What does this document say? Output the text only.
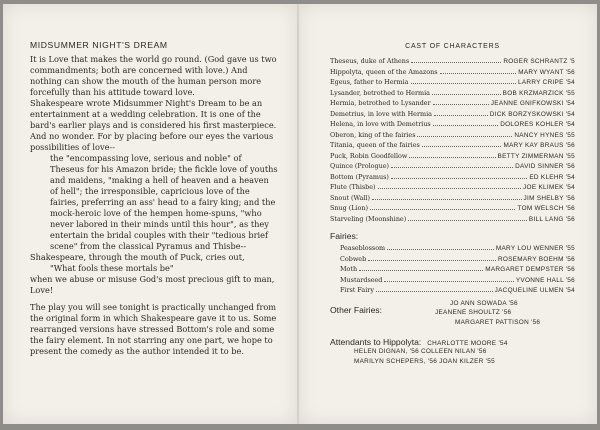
MIDSUMMER NIGHT'S DREAM

It is Love that makes the world go round. (God gave us two commandments; both are concerned with love.) And nothing can show the mouth of the human person more forcefully than his attitude toward love.

Shakespeare wrote Midsummer Night's Dream to be an entertainment at a wedding celebration. It is one of the bard's earlier plays and is considered his first masterpiece. And no wonder. For by placing before our eyes the various possibilities of love--

the "encompassing love, serious and noble" of Theseus for his Amazon bride; the fickle love of youths and maidens, "making a hell of heaven and a heaven of hell"; the irresponsible, capricious love of the fairies, preferring an ass' head to a fairy king; and the mock-heroic love of the hempen home-spuns, "who never labored in their minds until this hour", as they entertain the bridal couples with their "tedious brief scene" from the classical Pyramus and Thisbe--

Shakespeare, through the mouth of Puck, cries out,

"What fools these mortals be"

when we abuse or misuse God's most precious gift to man, Love!

The play you will see tonight is practically unchanged from the original form in which Shakespeare gave it to us. Some rearranged versions have stressed Bottom's role and some the fairy element. In not starring any one part, we hope to present the comedy as the author intended it to be.

CAST OF CHARACTERS
Theseus, duke of Athens	ROGER SCHRANTZ '5
Hippolyta, queen of the Amazons	MARY WYANT '56
Egeus, father to Hermia	LARRY CRIPE '54
Lysander, betrothed to Hermia	BOB KRZMARZICK '55
Hermia, betrothed to Lysander	JEANNE GNIFKOWSKI '54
Demetrius, in love with Hermia	DICK BORZYSKOWSKI '54
Helena, in love with Demetrius	DOLORES KOHLER '54
Oberon, king of the fairies	NANCY HYNES '55
Titania, queen of the fairies	MARY KAY BRAUS '56
Puck, Robin Goodfellow	BETTY ZIMMERMAN '55
Quince (Prologue)	DAVID SINNER '56
Bottom (Pyramus)	ED KLEHR '54
Flute (Thisbe)	JOE KLIMEK '54
Snout (Wall)	JIM SHELBY '56
Snug (Lion)	TOM WELSCH '56
Starveling (Moonshine)	BILL LANG '56
Fairies:
Peaseblossom	MARY LOU WENNER '55
Cobweb	ROSEMARY BOEHM '56
Moth	MARGARET DEMPSTER '56
Mustardseed	YVONNE HALL '56
First Fairy	JACQUELINE ULMEN '54
Other Fairies:
JO ANN SOWADA '56
JEANENE SHOULTZ '56
MARGARET PATTISON '56
Attendants to Hippolyta: CHARLOTTE MOORE '54
HELEN DIGNAN, '56 COLLEEN NILAN '56
MARILYN SCHEPERS, '56 JOAN KILZER '55
